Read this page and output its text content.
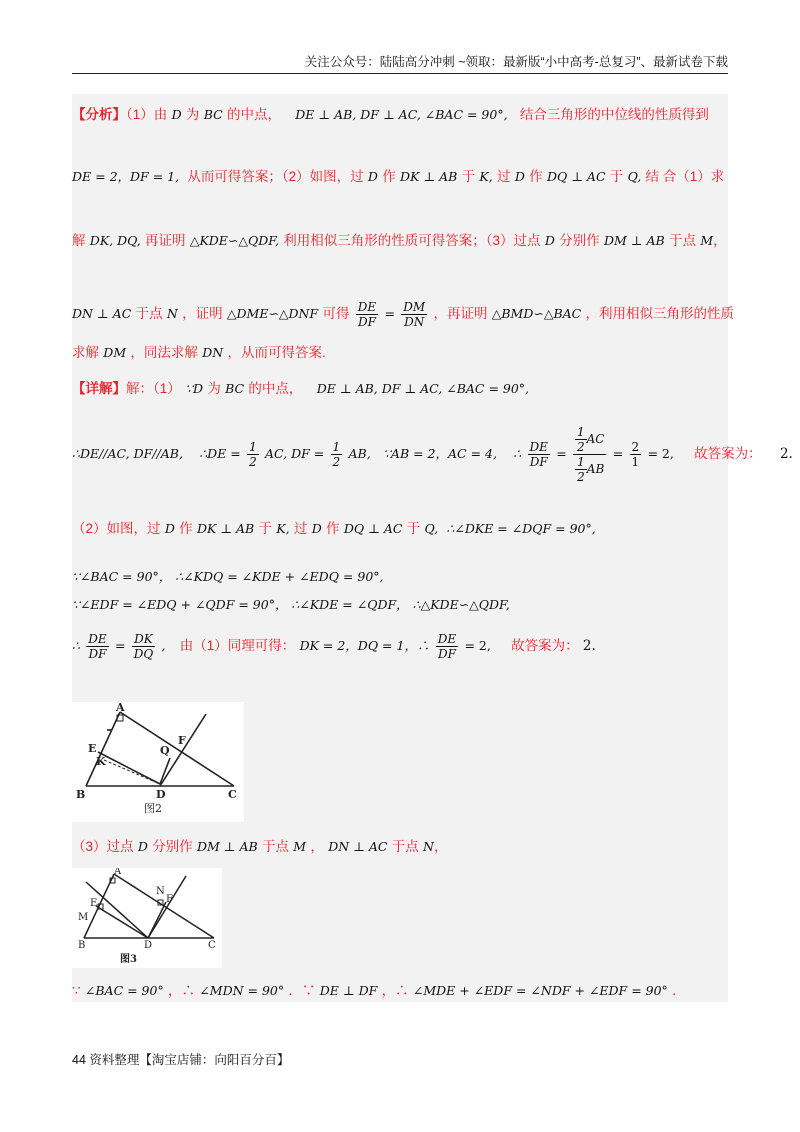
关注公众号：陆陆高分冲刺 ~领取：最新版“小中高考-总复习”、最新试卷下载
【分析】（1）由 D 为 BC 的中点， DE ⊥ AB, DF ⊥ AC, ∠BAC = 90°, 结合三角形的中位线的性质得到
DE = 2，DF = 1, 从而可得答案；（2）如图，过 D 作 DK ⊥ AB 于 K, 过 D 作 DQ ⊥ AC 于 Q, 结 合（1）求
解 DK, DQ, 再证明 △KDE∽△QDF, 利用相似三角形的性质可得答案；（3）过点 D 分别作 DM ⊥ AB 于点 M，
DN ⊥ AC 于点 N ，证明 △DME∽△DNF 可得 $\frac{DE}{DF} = \frac{DM}{DN}$ ，再证明 △BMD∽△BAC ，利用相似三角形的性质
求解 DM ，同法求解 DN ，从而可得答案.
【详解】解：（1） ∵D 为 BC 的中点， DE ⊥ AB, DF ⊥ AC, ∠BAC = 90°,
∴DE//AC, DF//AB, ∴DE = $\frac{1}{2}$ AC, DF = $\frac{1}{2}$ AB, ∵AB = 2，AC = 4, ∴ $\frac{DE}{DF} = \frac{\frac{1}{2} AC}{\frac{1}{2} AB} = \frac{2}{1} = 2$, 故答案为： 2.
（2）如图，过 D 作 DK ⊥ AB 于 K, 过 D 作 DQ ⊥ AC 于 Q, ∴∠DKE = ∠DQF = 90°,
∵∠BAC = 90°， ∴∠KDQ = ∠KDE + ∠EDQ = 90°,
∵∠EDF = ∠EDQ + ∠QDF = 90°， ∴∠KDE = ∠QDF， ∴△KDE∽△QDF,
∴ $\frac{DE}{DF} = \frac{DK}{DQ}$ , 由（1）同理可得： DK = 2，DQ = 1，∴ $\frac{DE}{DF} = 2$, 故答案为： 2.
（3）过点 D 分别作 DM ⊥ AB 于点 M ， DN ⊥ AC 于点 N，
∵ ∠BAC = 90° ，∴ ∠MDN = 90° ．∵ DE ⊥ DF ，∴ ∠MDE + ∠EDF = ∠NDF + ∠EDF = 90° ．
A
E
K
Q
F
B	D	C
图2
A
N
F
M
E
B	D	C
图3
44 资料整理【淘宝店铺：向阳百分百】
